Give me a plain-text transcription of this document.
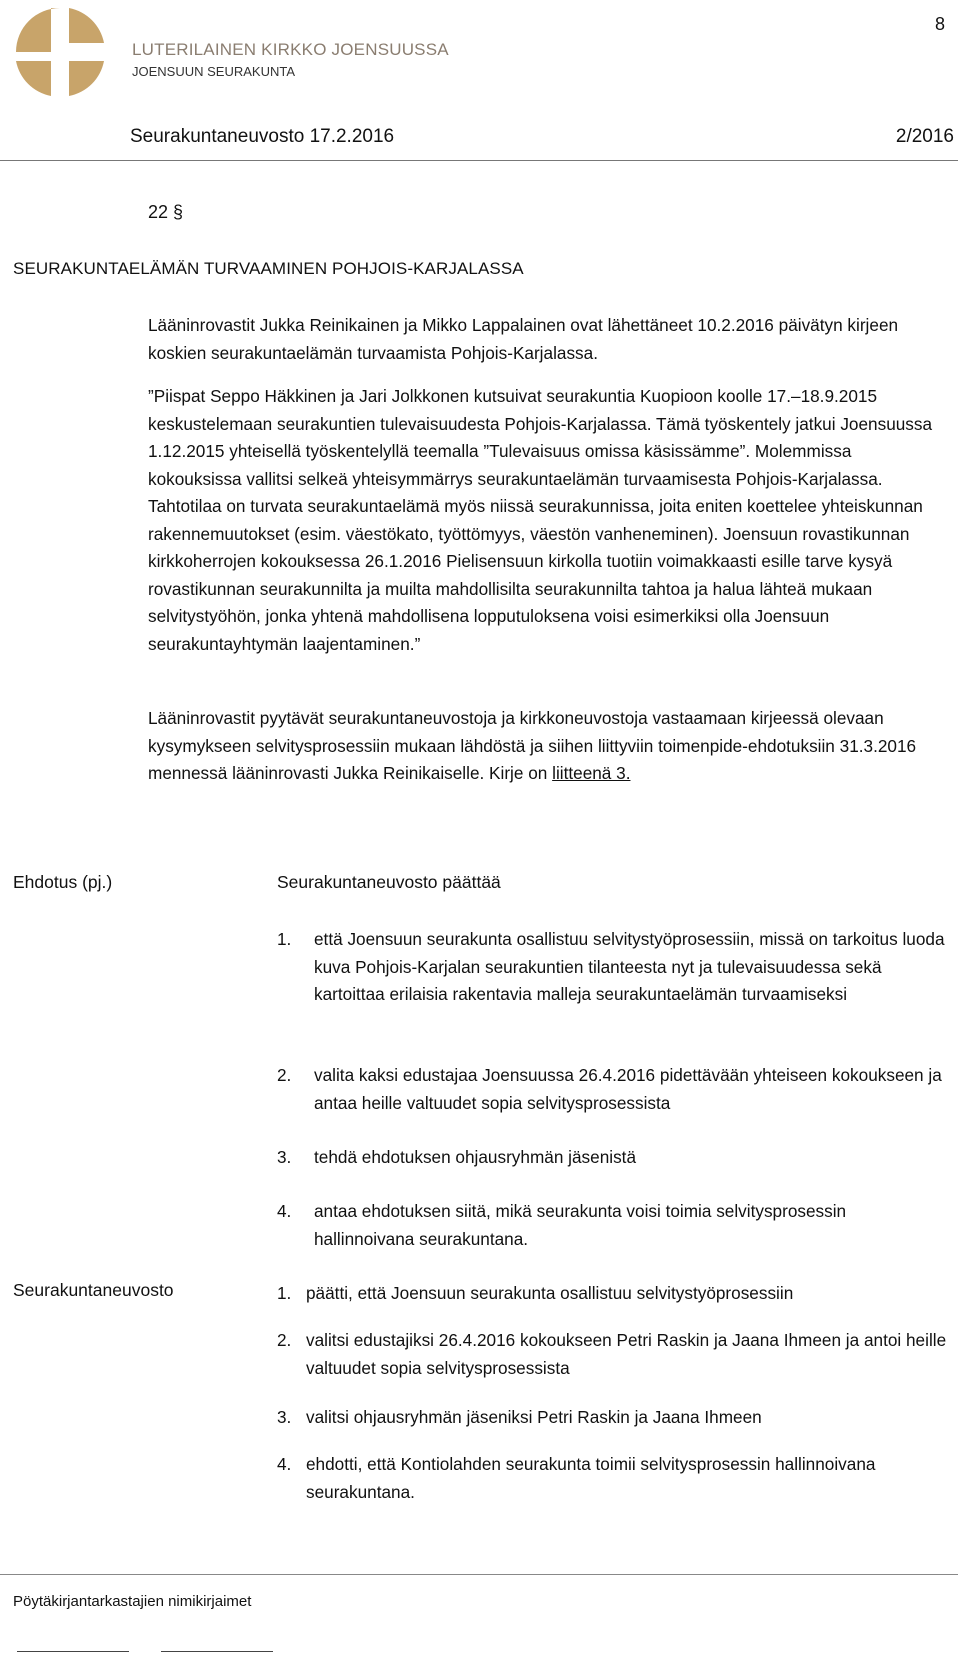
8
LUTERILAINEN KIRKKO JOENSUUSSA
JOENSUUN SEURAKUNTA
Seurakuntaneuvosto 17.2.2016	2/2016
22 §
SEURAKUNTAELÄMÄN TURVAAMINEN POHJOIS-KARJALASSA

Lääninrovastit Jukka Reinikainen ja Mikko Lappalainen ovat lähettäneet 10.2.2016 päivätyn kirjeen koskien seurakuntaelämän turvaamista Pohjois-Karjalassa.

”Piispat Seppo Häkkinen ja Jari Jolkkonen kutsuivat seurakuntia Kuopioon koolle 17.–18.9.2015 keskustelemaan seurakuntien tulevaisuudesta Pohjois-Karjalassa. Tämä työskentely jatkui Joensuussa 1.12.2015 yhteisellä työskentelyllä teemalla ”Tulevaisuus omissa käsissämme”. Molemmissa kokouksissa vallitsi selkeä yhteisymmärrys seurakuntaelämän turvaamisesta Pohjois-Karjalassa. Tahtotilaa on turvata seurakuntaelämä myös niissä seurakunnissa, joita eniten koettelee yhteiskunnan rakennemuutokset (esim. väestökato, työttömyys, väestön vanheneminen). Joensuun rovastikunnan kirkkoherrojen kokouksessa 26.1.2016 Pielisensuun kirkolla tuotiin voimakkaasti esille tarve kysyä rovastikunnan seurakunnilta ja muilta mahdollisilta seurakunnilta tahtoa ja halua lähteä mukaan selvitystyöhön, jonka yhtenä mahdollisena lopputuloksena voisi esimerkiksi olla Joensuun seurakuntayhtymän laajentaminen.”

Lääninrovastit pyytävät seurakuntaneuvostoja ja kirkkoneuvostoja vastaamaan kirjeessä olevaan kysymykseen selvitysprosessiin mukaan lähdöstä ja siihen liittyviin toimenpide-ehdotuksiin 31.3.2016 mennessä lääninrovasti Jukka Reinikaiselle. Kirje on liitteenä 3.

Ehdotus (pj.)	Seurakuntaneuvosto päättää
1. että Joensuun seurakunta osallistuu selvitystyöprosessiin, missä on tarkoitus luoda kuva Pohjois-Karjalan seurakuntien tilanteesta nyt ja tulevaisuudessa sekä kartoittaa erilaisia rakentavia malleja seurakuntaelämän turvaamiseksi
2. valita kaksi edustajaa Joensuussa 26.4.2016 pidettävään yhteiseen kokoukseen ja antaa heille valtuudet sopia selvitysprosessista
3. tehdä ehdotuksen ohjausryhmän jäsenistä
4. antaa ehdotuksen siitä, mikä seurakunta voisi toimia selvitysprosessin hallinnoivana seurakuntana.
Seurakuntaneuvosto	1. päätti, että Joensuun seurakunta osallistuu selvitystyöprosessiin
2. valitsi edustajiksi 26.4.2016 kokoukseen Petri Raskin ja Jaana Ihmeen ja antoi heille valtuudet sopia selvitysprosessista
3. valitsi ohjausryhmän jäseniksi Petri Raskin ja Jaana Ihmeen
4. ehdotti, että Kontiolahden seurakunta toimii selvitysprosessin hallinnoivana seurakuntana.
Pöytäkirjantarkastajien nimikirjaimet
